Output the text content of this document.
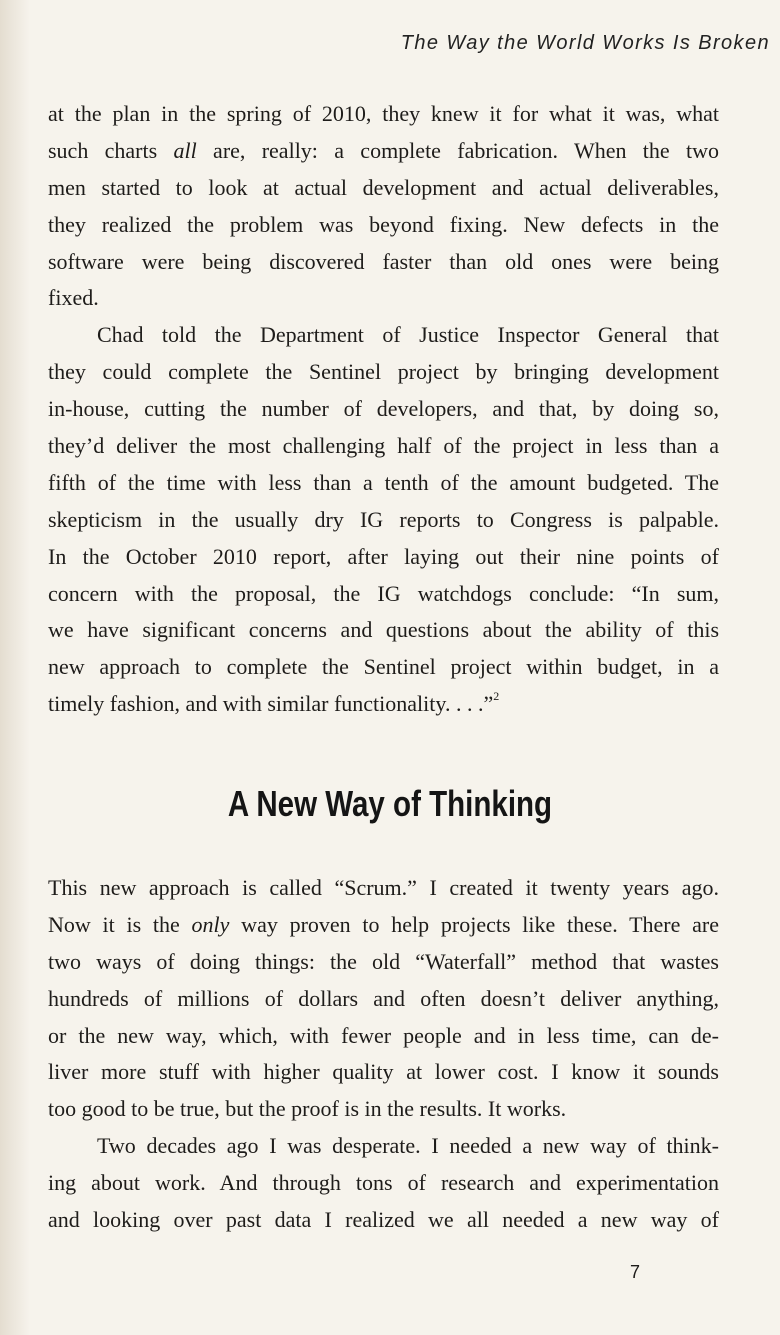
The Way the World Works Is Broken
at the plan in the spring of 2010, they knew it for what it was, what
such charts all are, really: a complete fabrication. When the two
men started to look at actual development and actual deliverables,
they realized the problem was beyond fixing. New defects in the
software were being discovered faster than old ones were being
fixed.
Chad told the Department of Justice Inspector General that
they could complete the Sentinel project by bringing development
in-house, cutting the number of developers, and that, by doing so,
they’d deliver the most challenging half of the project in less than a
fifth of the time with less than a tenth of the amount budgeted. The
skepticism in the usually dry IG reports to Congress is palpable.
In the October 2010 report, after laying out their nine points of
concern with the proposal, the IG watchdogs conclude: “In sum,
we have significant concerns and questions about the ability of this
new approach to complete the Sentinel project within budget, in a
timely fashion, and with similar functionality. . . .”$^2$
A New Way of Thinking
This new approach is called “Scrum.” I created it twenty years ago.
Now it is the only way proven to help projects like these. There are
two ways of doing things: the old “Waterfall” method that wastes
hundreds of millions of dollars and often doesn’t deliver anything,
or the new way, which, with fewer people and in less time, can de-
liver more stuff with higher quality at lower cost. I know it sounds
too good to be true, but the proof is in the results. It works.
Two decades ago I was desperate. I needed a new way of think-
ing about work. And through tons of research and experimentation
and looking over past data I realized we all needed a new way of
7
